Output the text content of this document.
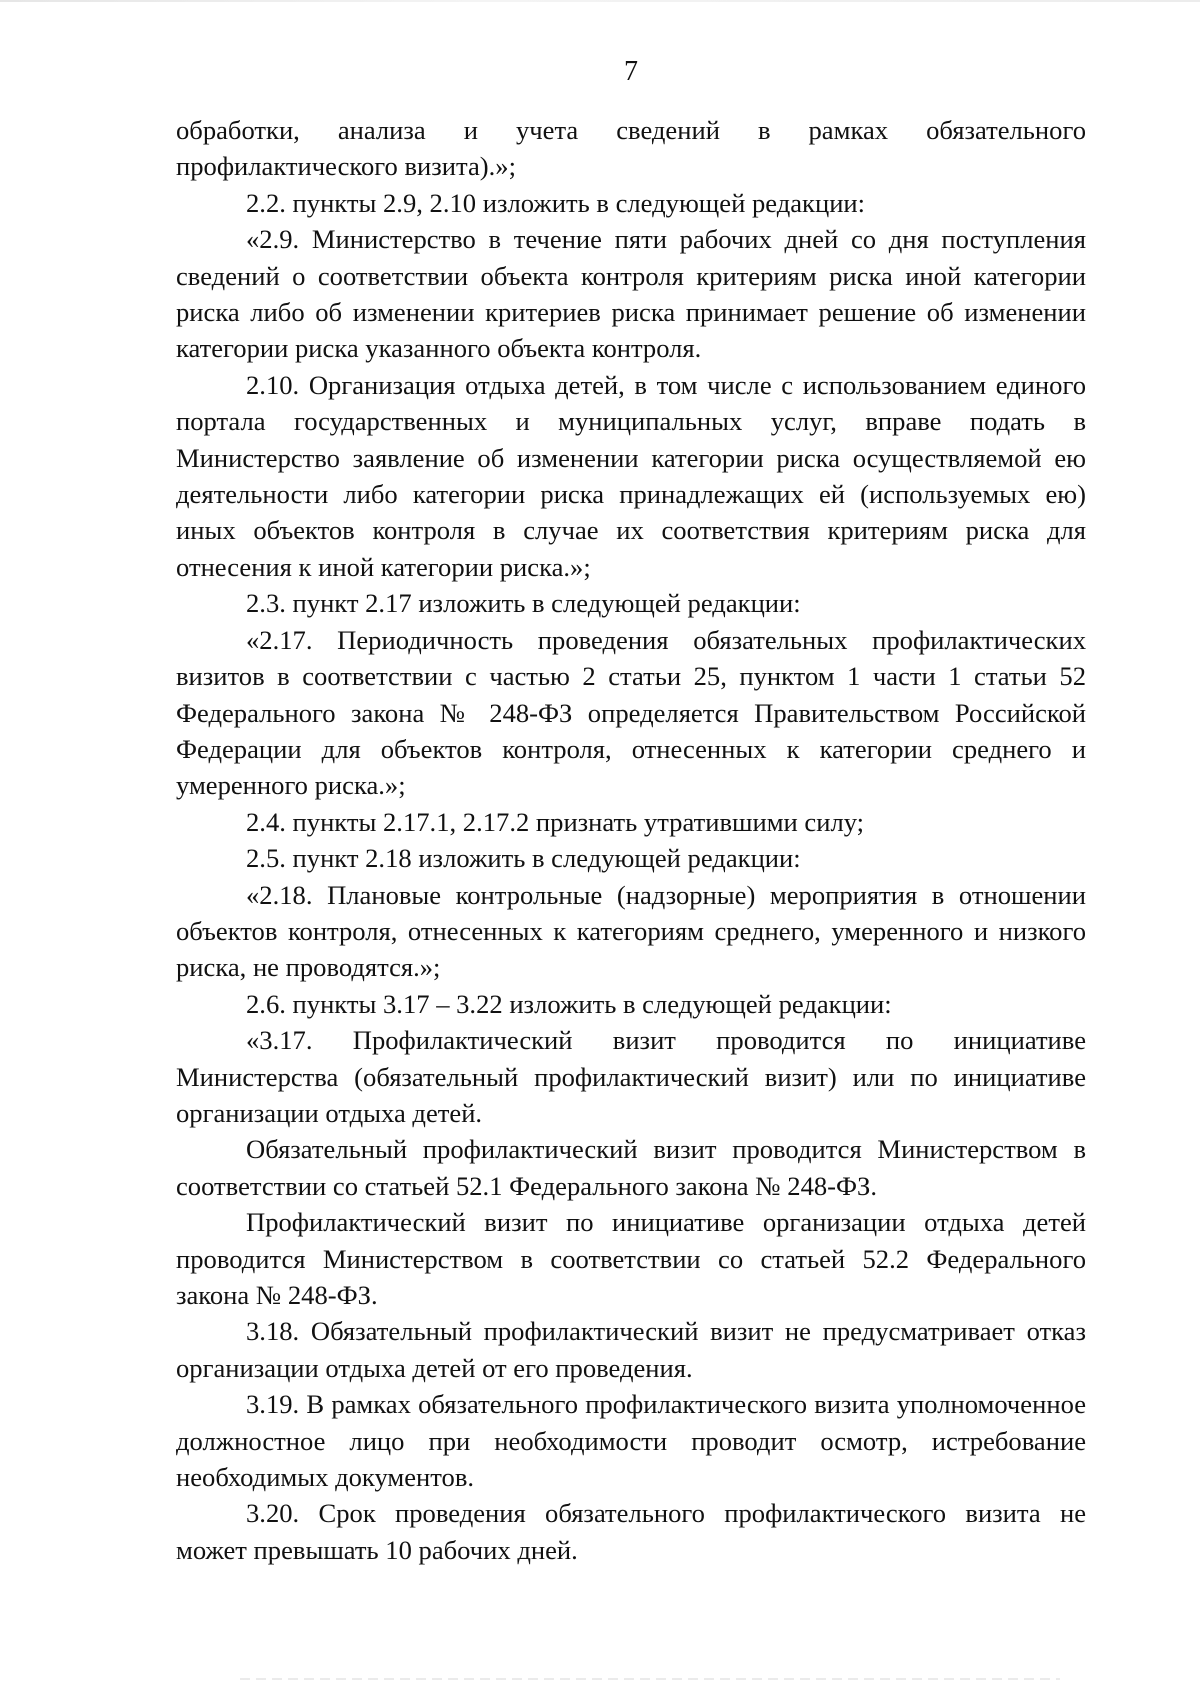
7

обработки, анализа и учета сведений в рамках обязательного профилактического визита).»;

2.2. пункты 2.9, 2.10 изложить в следующей редакции:

«2.9. Министерство в течение пяти рабочих дней со дня поступления сведений о соответствии объекта контроля критериям риска иной категории риска либо об изменении критериев риска принимает решение об изменении категории риска указанного объекта контроля.

2.10. Организация отдыха детей, в том числе с использованием единого портала государственных и муниципальных услуг, вправе подать в Министерство заявление об изменении категории риска осуществляемой ею деятельности либо категории риска принадлежащих ей (используемых ею) иных объектов контроля в случае их соответствия критериям риска для отнесения к иной категории риска.»;

2.3. пункт 2.17 изложить в следующей редакции:

«2.17. Периодичность проведения обязательных профилактических визитов в соответствии с частью 2 статьи 25, пунктом 1 части 1 статьи 52 Федерального закона № 248-ФЗ определяется Правительством Российской Федерации для объектов контроля, отнесенных к категории среднего и умеренного риска.»;

2.4. пункты 2.17.1, 2.17.2 признать утратившими силу;

2.5. пункт 2.18 изложить в следующей редакции:

«2.18. Плановые контрольные (надзорные) мероприятия в отношении объектов контроля, отнесенных к категориям среднего, умеренного и низкого риска, не проводятся.»;

2.6. пункты 3.17 – 3.22 изложить в следующей редакции:

«3.17. Профилактический визит проводится по инициативе Министерства (обязательный профилактический визит) или по инициативе организации отдыха детей.

Обязательный профилактический визит проводится Министерством в соответствии со статьей 52.1 Федерального закона № 248-ФЗ.

Профилактический визит по инициативе организации отдыха детей проводится Министерством в соответствии со статьей 52.2 Федерального закона № 248-ФЗ.

3.18. Обязательный профилактический визит не предусматривает отказ организации отдыха детей от его проведения.

3.19. В рамках обязательного профилактического визита уполномоченное должностное лицо при необходимости проводит осмотр, истребование необходимых документов.

3.20. Срок проведения обязательного профилактического визита не может превышать 10 рабочих дней.
